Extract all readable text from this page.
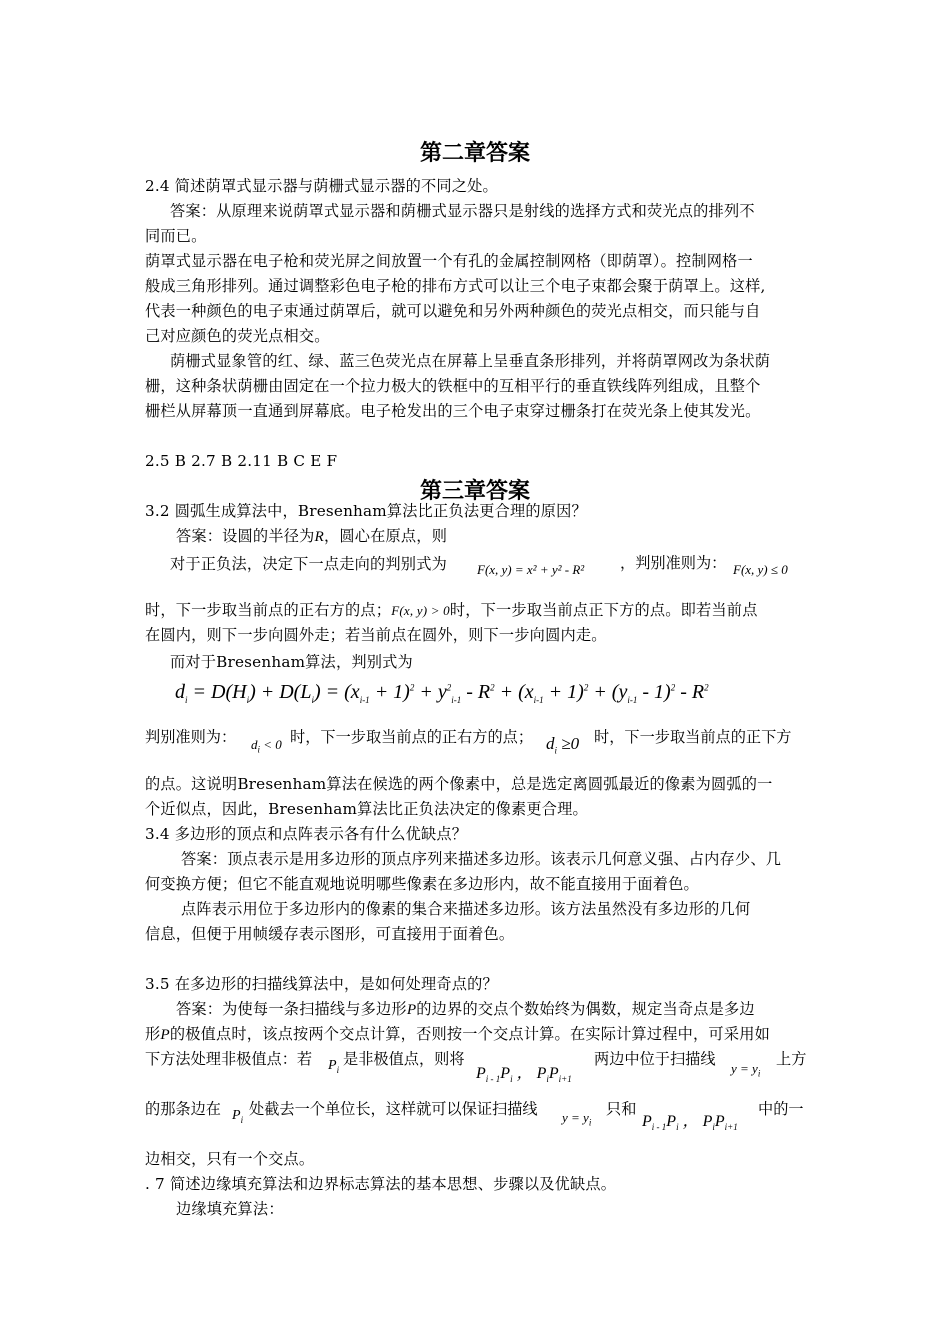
第二章答案
2.4 简述荫罩式显示器与荫栅式显示器的不同之处。
答案：从原理来说荫罩式显示器和荫栅式显示器只是射线的选择方式和荧光点的排列不
同而已。
荫罩式显示器在电子枪和荧光屏之间放置一个有孔的金属控制网格（即荫罩）。控制网格一
般成三角形排列。通过调整彩色电子枪的排布方式可以让三个电子束都会聚于荫罩上。这样,
代表一种颜色的电子束通过荫罩后，就可以避免和另外两种颜色的荧光点相交，而只能与自
己对应颜色的荧光点相交。
荫栅式显象管的红、绿、蓝三色荧光点在屏幕上呈垂直条形排列，并将荫罩网改为条状荫
栅，这种条状荫栅由固定在一个拉力极大的铁框中的互相平行的垂直铁线阵列组成，且整个
栅栏从屏幕顶一直通到屏幕底。电子枪发出的三个电子束穿过栅条打在荧光条上使其发光。
2.5 B 2.7 B 2.11 B C E F
第三章答案
3.2 圆弧生成算法中，Bresenham算法比正负法更合理的原因？
答案：设圆的半径为R，圆心在原点，则
对于正负法，决定下一点走向的判别式为	F(x, y) = x² + y² - R² ，判别准则为： F(x, y) ≤ 0
时，下一步取当前点的正右方的点；F(x, y) > 0时，下一步取当前点正下方的点。即若当前点
在圆内，则下一步向圆外走；若当前点在圆外，则下一步向圆内走。
而对于Bresenham算法，判别式为
$d_i = D(H_i) + D(L_i) = (x_{i-1} + 1)^2 + y^2_{i-1} - R^2 + (x_{i-1} + 1)^2 + (y_{i-1} - 1)^2 - R^2$
判别准则为： $d_i < 0$ 时，下一步取当前点的正右方的点； $d_i \ge 0$ 时，下一步取当前点的正下方
的点。这说明Bresenham算法在候选的两个像素中，总是选定离圆弧最近的像素为圆弧的一
个近似点，因此，Bresenham算法比正负法决定的像素更合理。
3.4 多边形的顶点和点阵表示各有什么优缺点？
答案：顶点表示是用多边形的顶点序列来描述多边形。该表示几何意义强、占内存少、几
何变换方便；但它不能直观地说明哪些像素在多边形内，故不能直接用于面着色。
点阵表示用位于多边形内的像素的集合来描述多边形。该方法虽然没有多边形的几何
信息，但便于用帧缓存表示图形，可直接用于面着色。
3.5 在多边形的扫描线算法中，是如何处理奇点的？
答案：为使每一条扫描线与多边形P的边界的交点个数始终为偶数，规定当奇点是多边
形P的极值点时，该点按两个交点计算，否则按一个交点计算。在实际计算过程中，可采用如
下方法处理非极值点：若 $P_i$
是非极值点，则将
$P_{i - 1}P_i$ ， $P_iP_{i+1}$
两边中位于扫描线
$y = y_i$
上方
的那条边在 $P_i$
处截去一个单位长，这样就可以保证扫描线 $y = y_i$
只和
$P_{i - 1}P_i$ ， $P_iP_{i+1}$
中的一
边相交，只有一个交点。
. 7 简述边缘填充算法和边界标志算法的基本思想、步骤以及优缺点。
边缘填充算法：
